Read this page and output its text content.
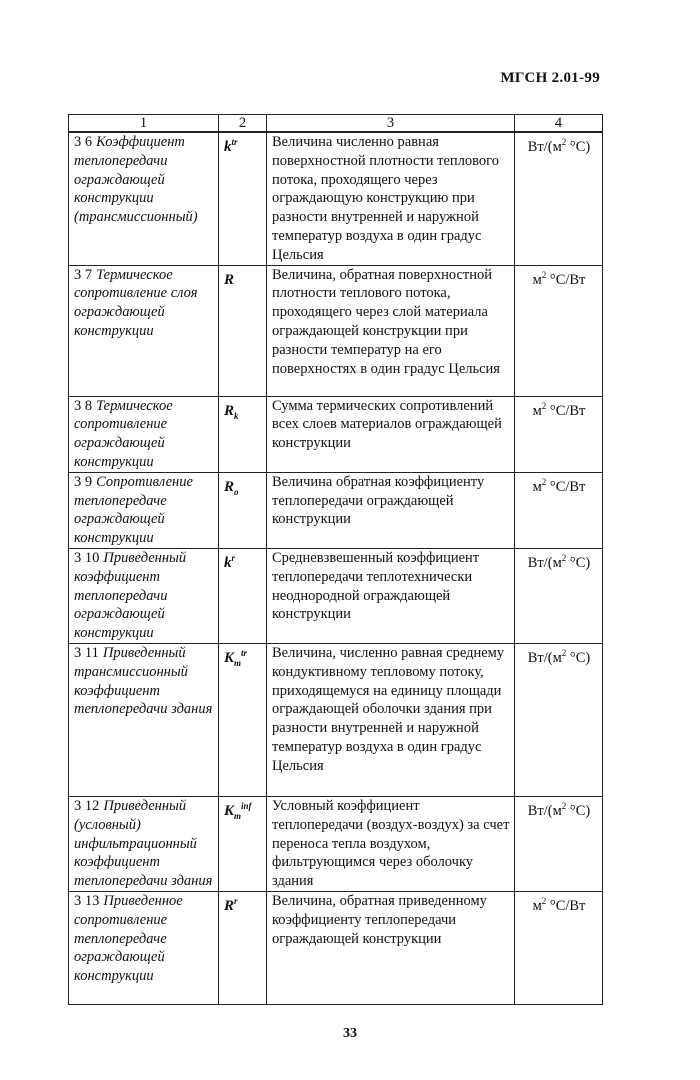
МГСН 2.01-99
1	2	3	4
3 6 Коэффициент теплопередачи ограждающей конструкции (трансмиссионный)	$k^{tr}$	Величина численно равная поверхностной плотности теплового потока, проходящего через ограждающую конструкцию при разности внутренней и наружной температур воздуха в один градус Цельсия	$Вт/(м^2$ °С)
3 7 Термическое сопротивление слоя ограждающей конструкции	R	Величина, обратная поверхностной плотности теплового потока, проходящего через слой материала ограждающей конструкции при разности температур на его поверхностях в один градус Цельсия	$м^2$ °С/Вт
3 8 Термическое сопротивление ограждающей конструкции	$R_k$	Сумма термических сопротивлений всех слоев материалов ограждающей конструкции	$м^2$ °С/Вт
3 9 Сопротивление теплопередаче ограждающей конструкции	$R_o$	Величина обратная коэффициенту теплопередачи ограждающей конструкции	$м^2$ °С/Вт
3 10 Приведенный коэффициент теплопередачи ограждающей конструкции	$k^r$	Средневзвешенный коэффициент теплопередачи теплотехнически неоднородной ограждающей конструкции	$Вт/(м^2$ °С)
3 11 Приведенный трансмиссионный коэффициент теплопередачи здания	$K_m^{tr}$	Величина, численно равная среднему кондуктивному тепловому потоку, приходящемуся на единицу площади ограждающей оболочки здания при разности внутренней и наружной температур воздуха в один градус Цельсия	$Вт/(м^2$ °С)
3 12 Приведенный (условный) инфильтрационный коэффициент теплопередачи здания	$K_m^{inf}$	Условный коэффициент теплопередачи (воздух-воздух) за счет переноса тепла воздухом, фильтрующимся через оболочку здания	$Вт/(м^2$ °С)
3 13 Приведенное сопротивление теплопередаче ограждающей конструкции	$R^r$	Величина, обратная приведенному коэффициенту теплопередачи ограждающей конструкции	$м^2$ °С/Вт
33
